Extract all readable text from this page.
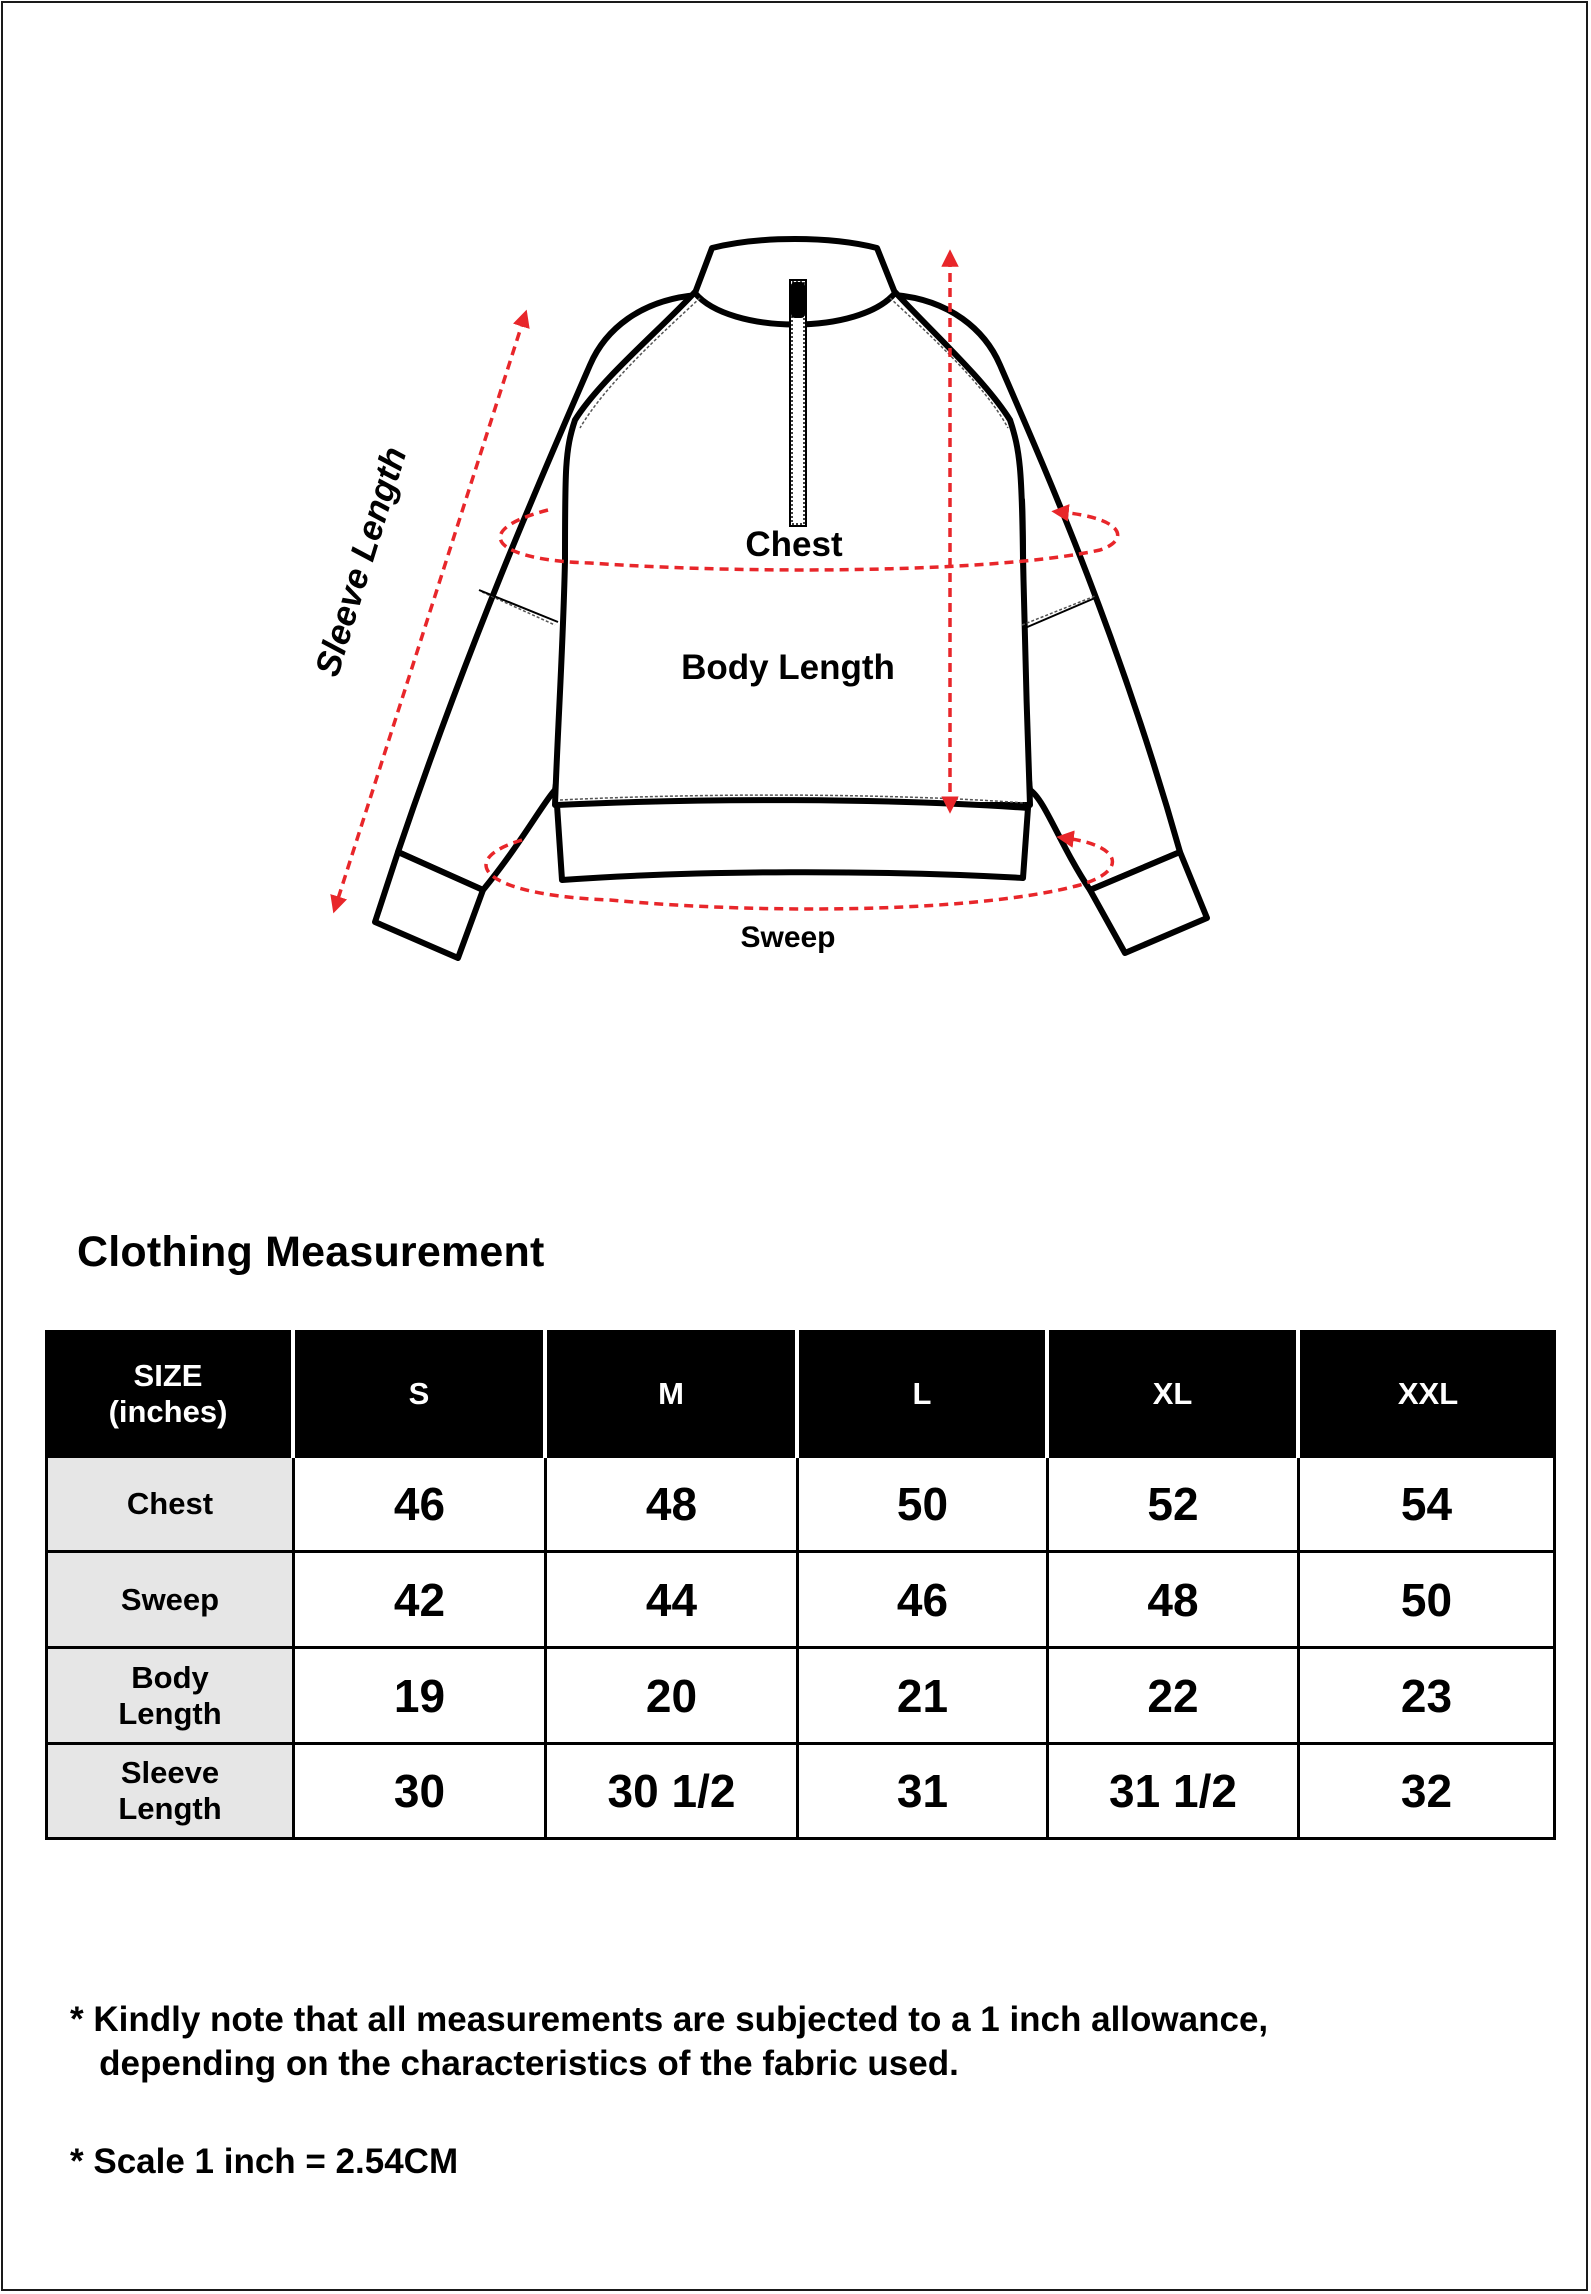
Sleeve Length	Chest
Body Length
Sweep
Clothing Measurement
SIZE
(inches)
S	M	L	XL	XXL
Chest	46	48	50	52	54
Sweep	42	44	46	48	50
Body
Length	19	20	21	22	23
Sleeve
Length	30	30 1/2	31	31 1/2	32
* Kindly note that all measurements are subjected to a 1 inch allowance,
depending on the characteristics of the fabric used.
* Scale 1 inch = 2.54CM
